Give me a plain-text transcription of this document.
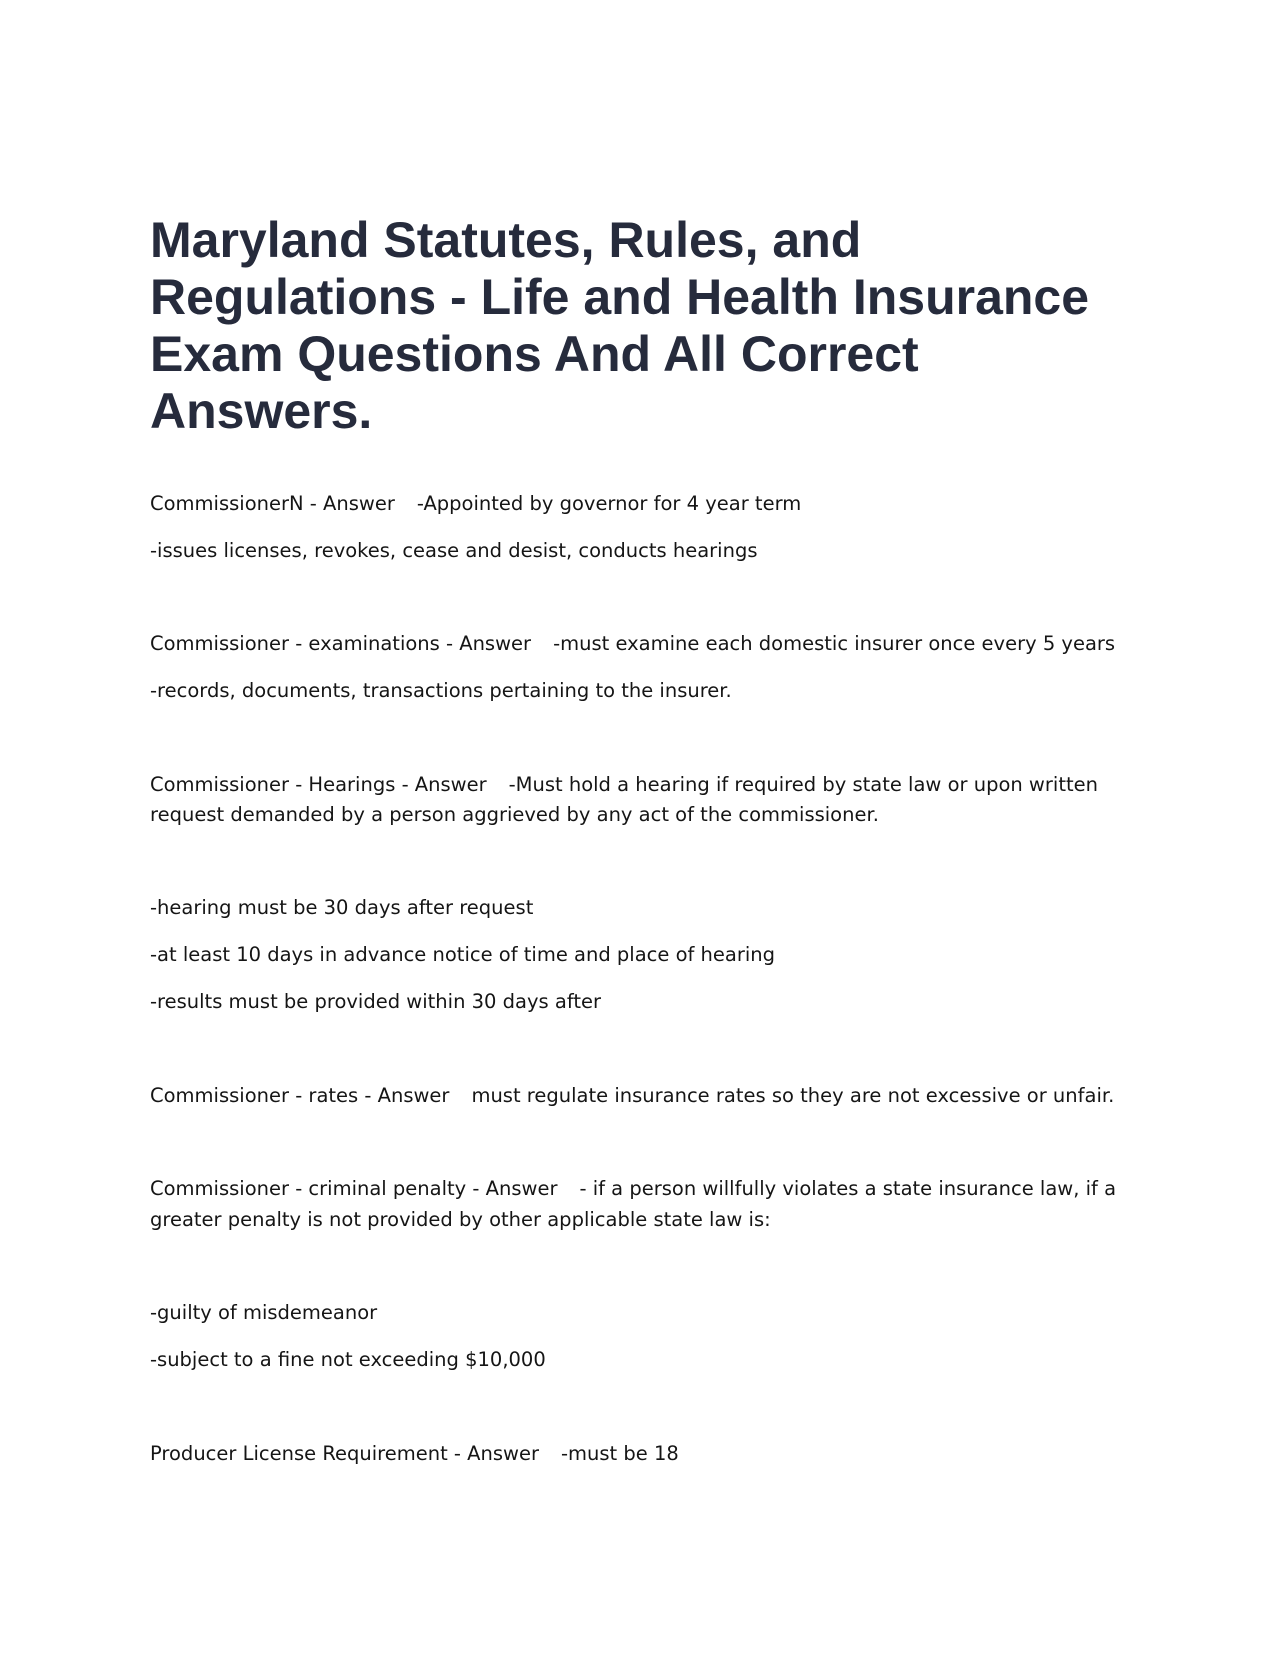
Maryland Statutes, Rules, and Regulations - Life and Health Insurance Exam Questions And All Correct Answers.

CommissionerN - Answer -Appointed by governor for 4 year term

-issues licenses, revokes, cease and desist, conducts hearings

Commissioner - examinations - Answer -must examine each domestic insurer once every 5 years

-records, documents, transactions pertaining to the insurer.

Commissioner - Hearings - Answer -Must hold a hearing if required by state law or upon written

request demanded by a person aggrieved by any act of the commissioner.

-hearing must be 30 days after request

-at least 10 days in advance notice of time and place of hearing

-results must be provided within 30 days after

Commissioner - rates - Answer must regulate insurance rates so they are not excessive or unfair.

Commissioner - criminal penalty - Answer - if a person willfully violates a state insurance law, if a

greater penalty is not provided by other applicable state law is:

-guilty of misdemeanor

-subject to a fine not exceeding $10,000

Producer License Requirement - Answer -must be 18
